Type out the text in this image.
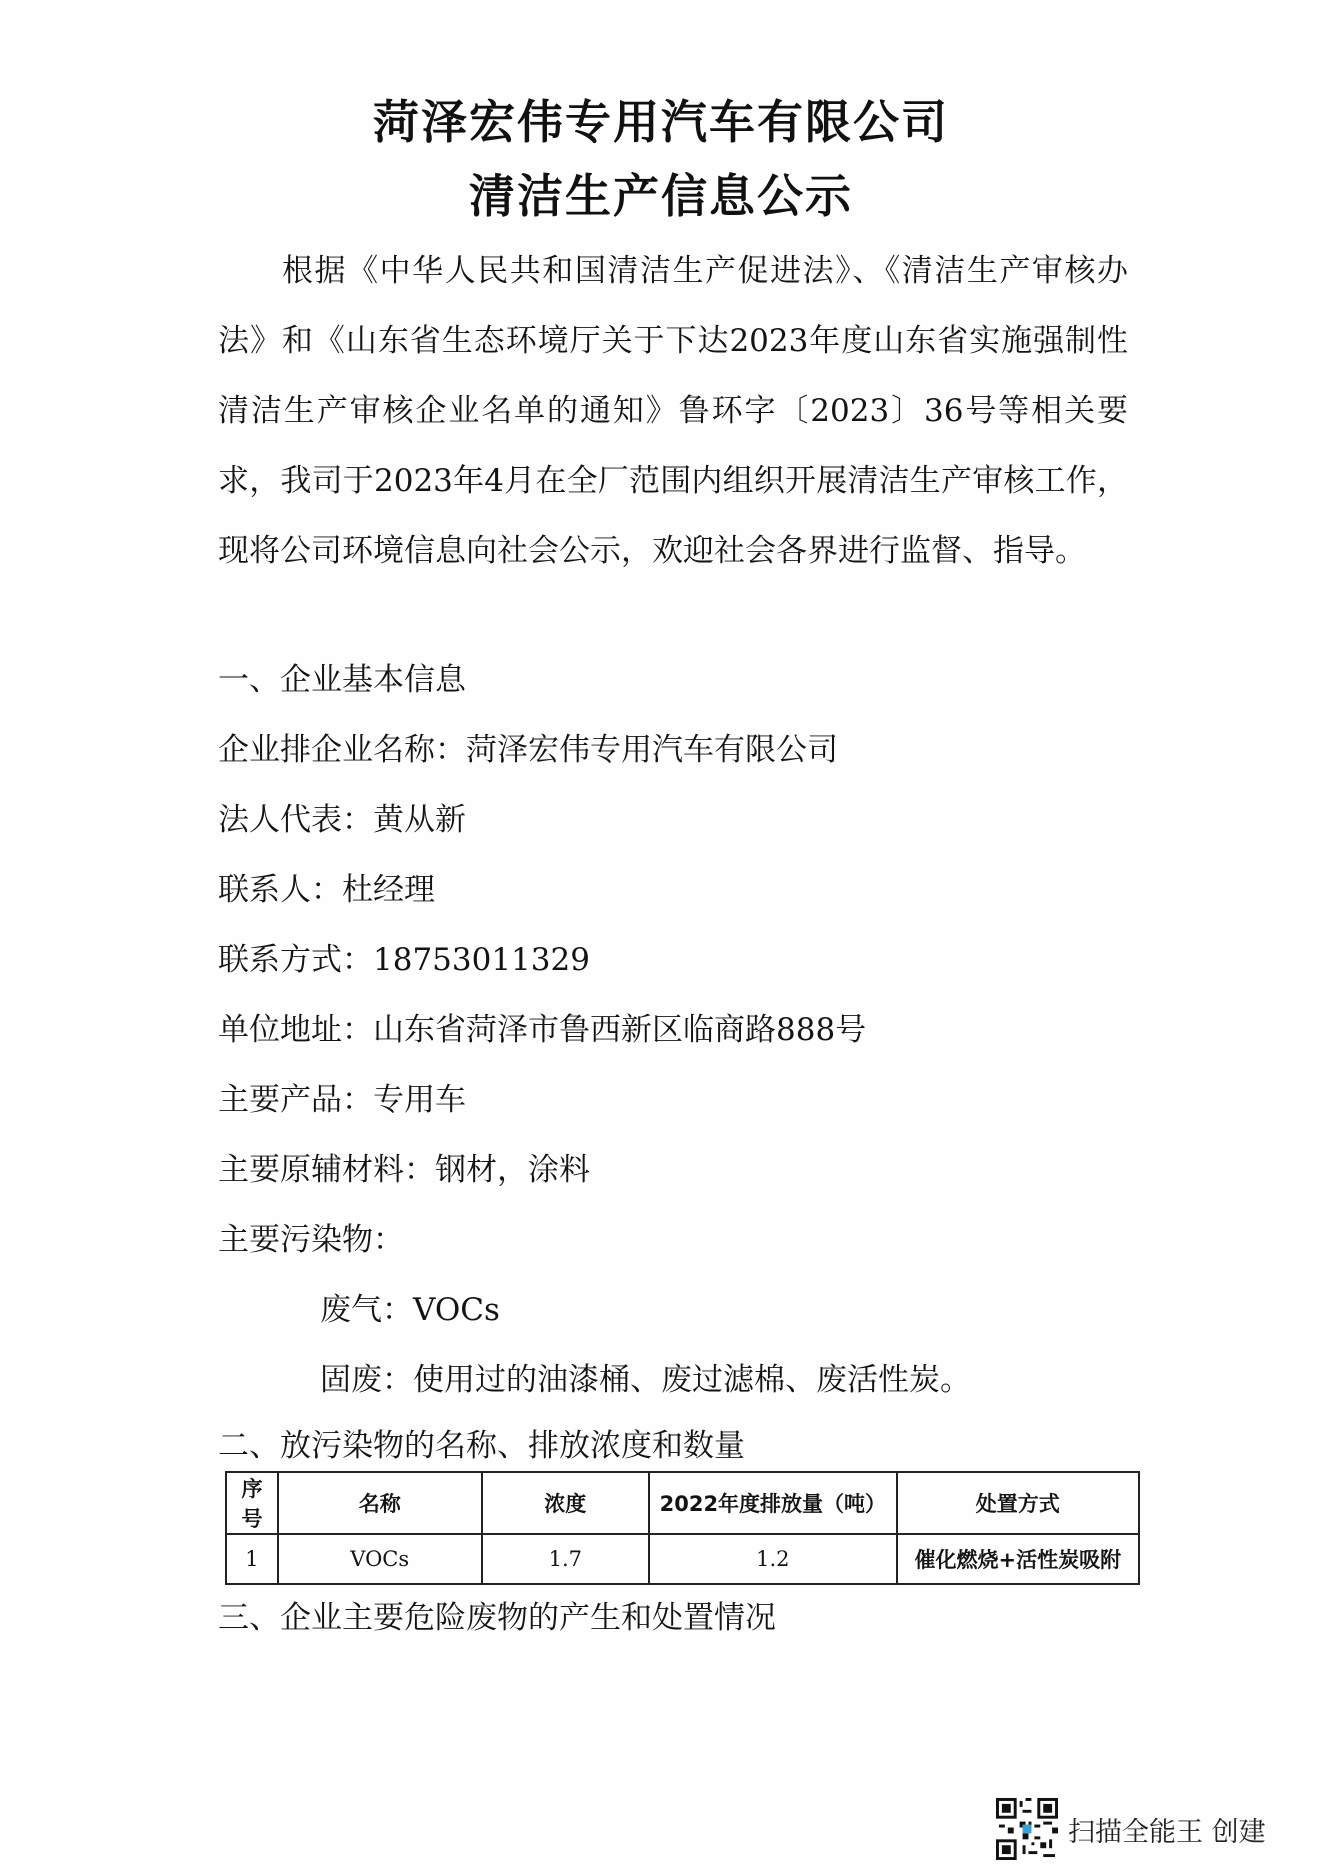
菏泽宏伟专用汽车有限公司
清洁生产信息公示

根据《中华人民共和国清洁生产促进法》、《清洁生产审核办法》和《山东省生态环境厅关于下达2023年度山东省实施强制性清洁生产审核企业名单的通知》鲁环字〔2023〕36号等相关要求，我司于2023年4月在全厂范围内组织开展清洁生产审核工作，现将公司环境信息向社会公示，欢迎社会各界进行监督、指导。

一、企业基本信息
企业排企业名称：菏泽宏伟专用汽车有限公司
法人代表：黄从新
联系人：杜经理
联系方式：18753011329
单位地址：山东省菏泽市鲁西新区临商路888号
主要产品：专用车
主要原辅材料：钢材，涂料
主要污染物：
废气：VOCs
固废：使用过的油漆桶、废过滤棉、废活性炭。
二、放污染物的名称、排放浓度和数量
序号	名称	浓度	2022年度排放量（吨）	处置方式
1	VOCs	1.7	1.2	催化燃烧+活性炭吸附
三、企业主要危险废物的产生和处置情况
扫描全能王 创建
